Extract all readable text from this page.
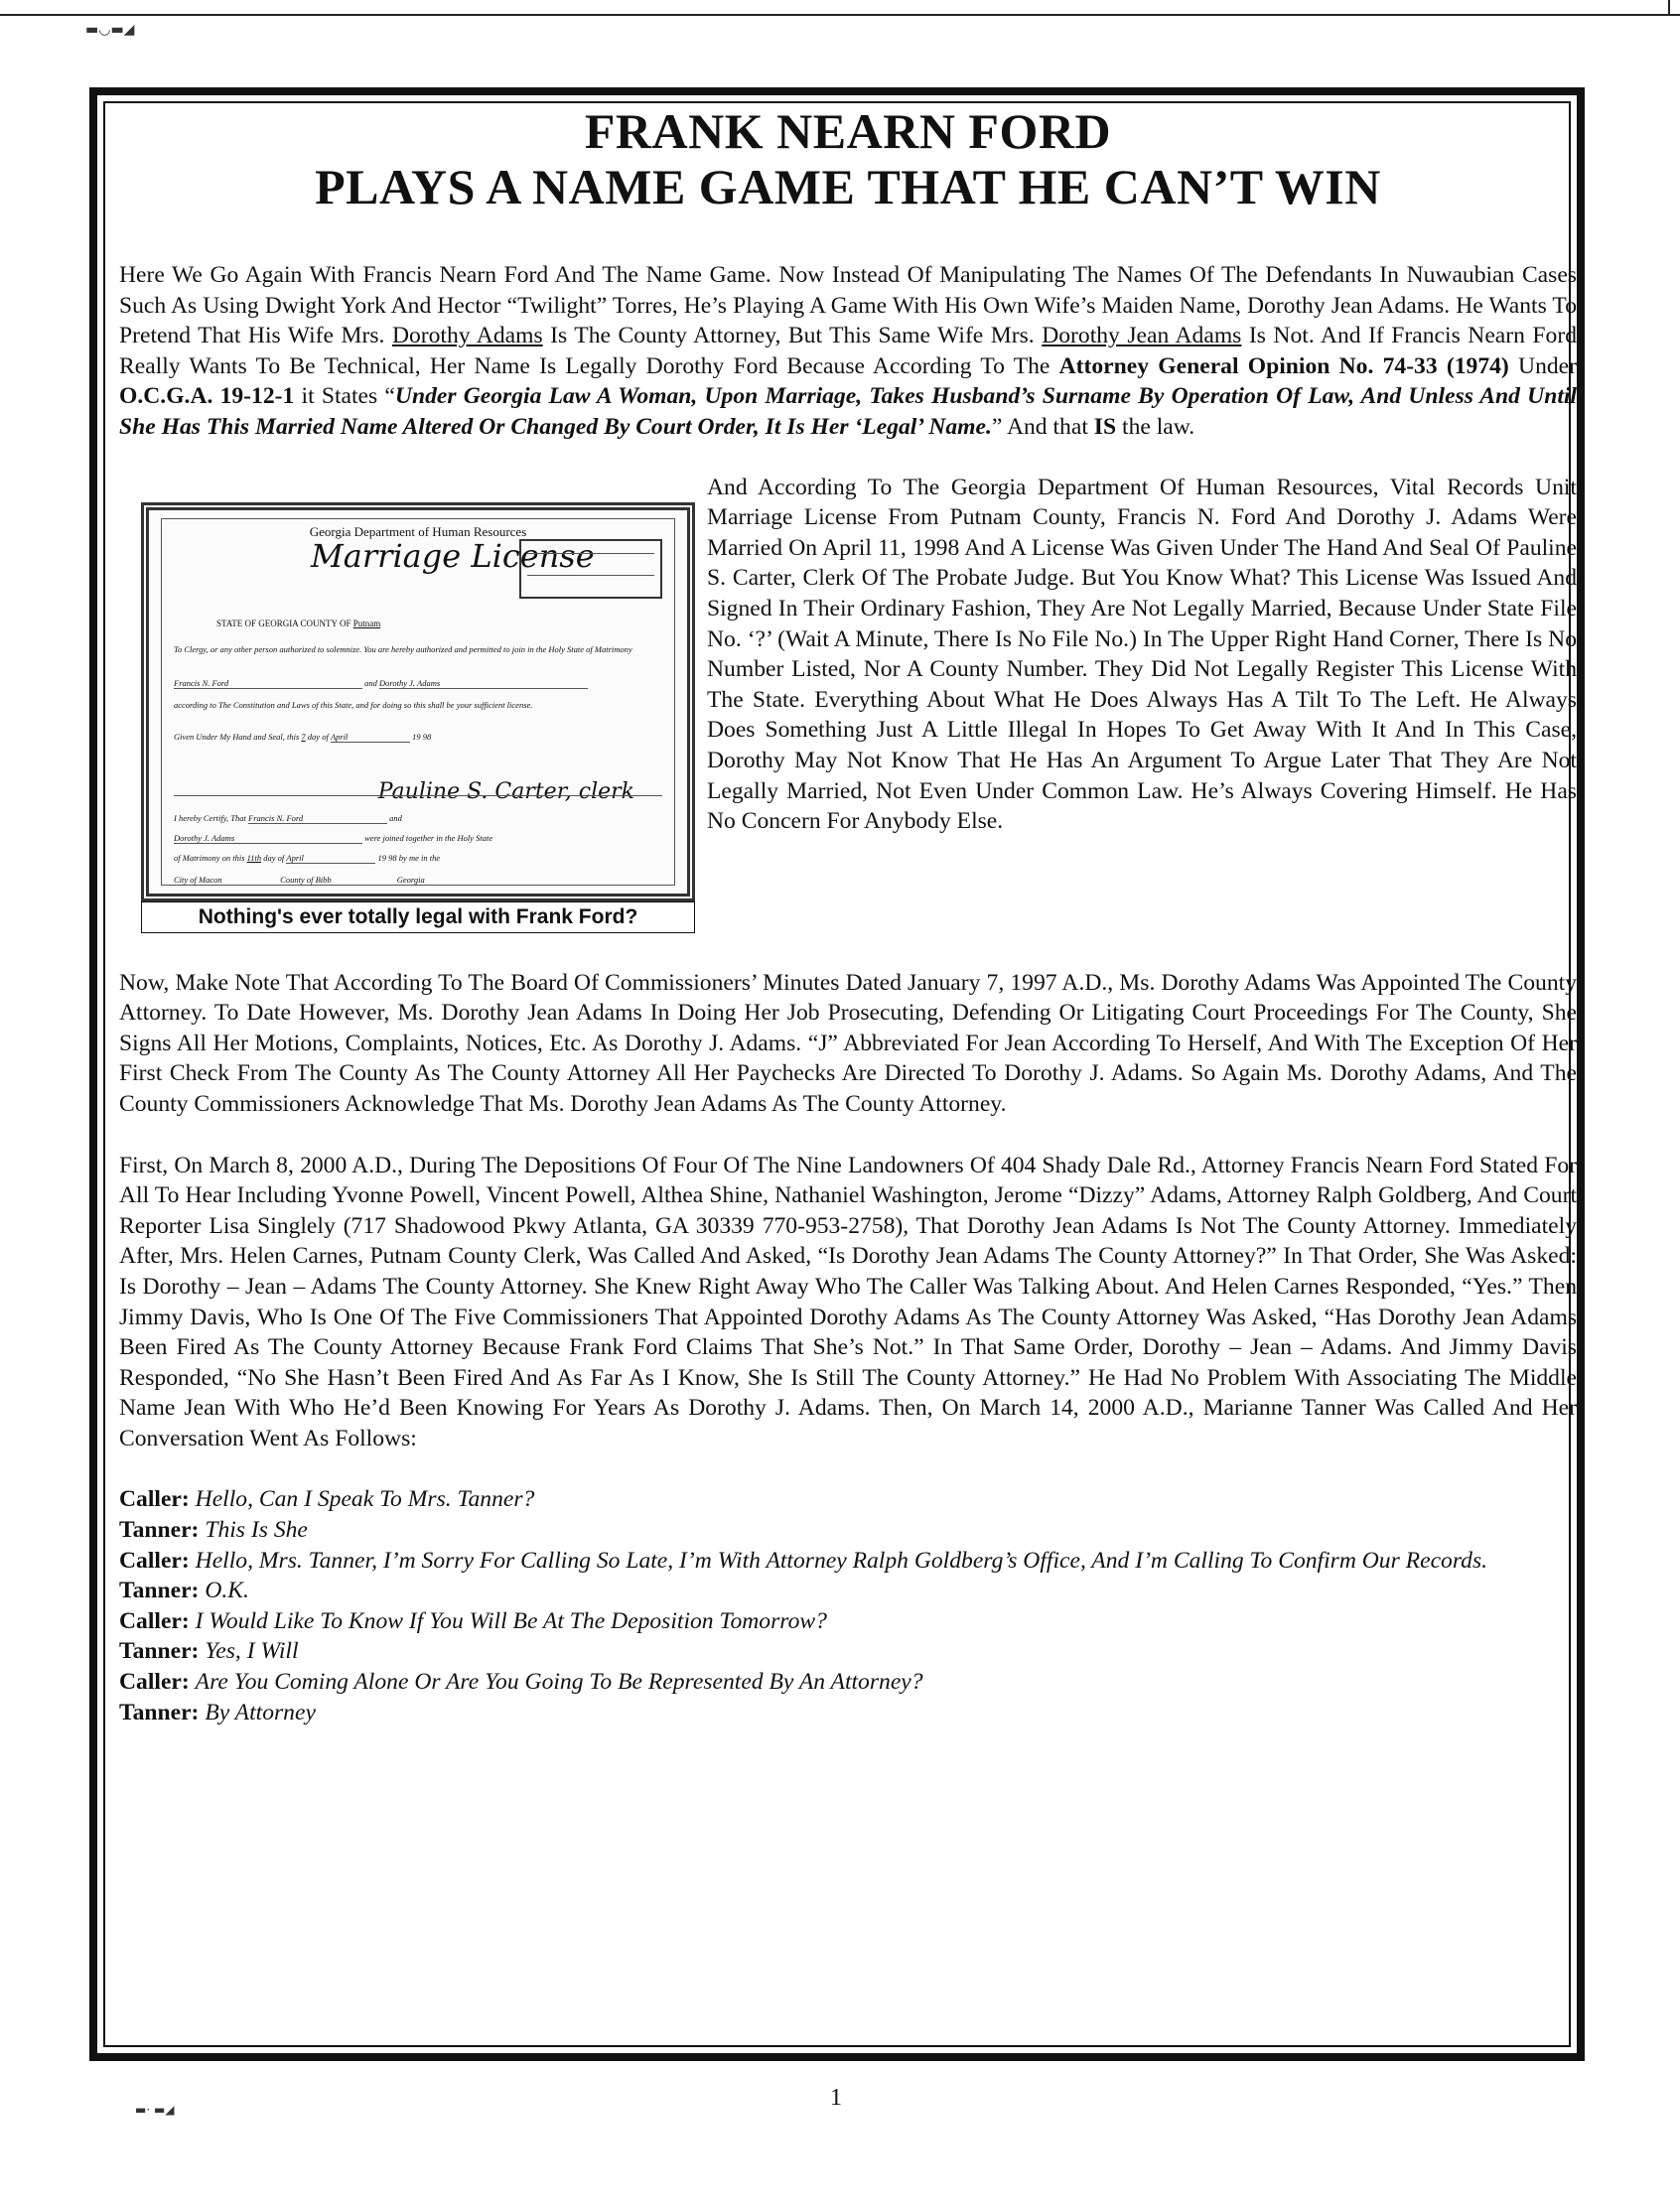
▬◡▬◢
▬· ▬◢
FRANK NEARN FORD
PLAYS A NAME GAME THAT HE CAN’T WIN

Here We Go Again With Francis Nearn Ford And The Name Game. Now Instead Of Manipulating The Names Of The Defendants In Nuwaubian Cases Such As Using Dwight York And Hector “Twilight” Torres, He’s Playing A Game With His Own Wife’s Maiden Name, Dorothy Jean Adams. He Wants To Pretend That His Wife Mrs. Dorothy Adams Is The County Attorney, But This Same Wife Mrs. Dorothy Jean Adams Is Not. And If Francis Nearn Ford Really Wants To Be Technical, Her Name Is Legally Dorothy Ford Because According To The Attorney General Opinion No. 74-33 (1974) Under O.C.G.A. 19-12-1 it States “Under Georgia Law A Woman, Upon Marriage, Takes Husband’s Surname By Operation Of Law, And Unless And Until She Has This Married Name Altered Or Changed By Court Order, It Is Her ‘Legal’ Name.” And that IS the law.

Georgia Department of Human Resources
Marriage License
STATE OF GEORGIA COUNTY OF Putnam
To Clergy, or any other person authorized to solemnize. You are hereby authorized and permitted to join in the Holy State of Matrimony
Francis N. Ford	and Dorothy J. Adams
according to The Constitution and Laws of this State, and for doing so this shall be your sufficient license.
Given Under My Hand and Seal, this 7 day of April	19 98
Pauline S. Carter, clerk
I hereby Certify, That Francis N. Ford	and
Dorothy J. Adams	were joined together in the Holy State
of Matrimony on this 11th day of April	19 98 by me in the
City of Macon	County of Bibb	Georgia
Nothing's ever totally legal with Frank Ford?

And According To The Georgia Department Of Human Resources, Vital Records Unit Marriage License From Putnam County, Francis N. Ford And Dorothy J. Adams Were Married On April 11, 1998 And A License Was Given Under The Hand And Seal Of Pauline S. Carter, Clerk Of The Probate Judge. But You Know What? This License Was Issued And Signed In Their Ordinary Fashion, They Are Not Legally Married, Because Under State File No. ‘?’ (Wait A Minute, There Is No File No.) In The Upper Right Hand Corner, There Is No Number Listed, Nor A County Number. They Did Not Legally Register This License With The State. Everything About What He Does Always Has A Tilt To The Left. He Always Does Something Just A Little Illegal In Hopes To Get Away With It And In This Case, Dorothy May Not Know That He Has An Argument To Argue Later That They Are Not Legally Married, Not Even Under Common Law. He’s Always Covering Himself. He Has No Concern For Anybody Else.

Now, Make Note That According To The Board Of Commissioners’ Minutes Dated January 7, 1997 A.D., Ms. Dorothy Adams Was Appointed The County Attorney. To Date However, Ms. Dorothy Jean Adams In Doing Her Job Prosecuting, Defending Or Litigating Court Proceedings For The County, She Signs All Her Motions, Complaints, Notices, Etc. As Dorothy J. Adams. “J” Abbreviated For Jean According To Herself, And With The Exception Of Her First Check From The County As The County Attorney All Her Paychecks Are Directed To Dorothy J. Adams. So Again Ms. Dorothy Adams, And The County Commissioners Acknowledge That Ms. Dorothy Jean Adams As The County Attorney.

First, On March 8, 2000 A.D., During The Depositions Of Four Of The Nine Landowners Of 404 Shady Dale Rd., Attorney Francis Nearn Ford Stated For All To Hear Including Yvonne Powell, Vincent Powell, Althea Shine, Nathaniel Washington, Jerome “Dizzy” Adams, Attorney Ralph Goldberg, And Court Reporter Lisa Singlely (717 Shadowood Pkwy Atlanta, GA 30339 770-953-2758), That Dorothy Jean Adams Is Not The County Attorney. Immediately After, Mrs. Helen Carnes, Putnam County Clerk, Was Called And Asked, “Is Dorothy Jean Adams The County Attorney?” In That Order, She Was Asked: Is Dorothy – Jean – Adams The County Attorney. She Knew Right Away Who The Caller Was Talking About. And Helen Carnes Responded, “Yes.” Then Jimmy Davis, Who Is One Of The Five Commissioners That Appointed Dorothy Adams As The County Attorney Was Asked, “Has Dorothy Jean Adams Been Fired As The County Attorney Because Frank Ford Claims That She’s Not.” In That Same Order, Dorothy – Jean – Adams. And Jimmy Davis Responded, “No She Hasn’t Been Fired And As Far As I Know, She Is Still The County Attorney.” He Had No Problem With Associating The Middle Name Jean With Who He’d Been Knowing For Years As Dorothy J. Adams. Then, On March 14, 2000 A.D., Marianne Tanner Was Called And Her Conversation Went As Follows:

Caller: Hello, Can I Speak To Mrs. Tanner?
Tanner: This Is She
Caller: Hello, Mrs. Tanner, I’m Sorry For Calling So Late, I’m With Attorney Ralph Goldberg’s Office, And I’m Calling To Confirm Our Records.
Tanner: O.K.
Caller: I Would Like To Know If You Will Be At The Deposition Tomorrow?
Tanner: Yes, I Will
Caller: Are You Coming Alone Or Are You Going To Be Represented By An Attorney?
Tanner: By Attorney
1
